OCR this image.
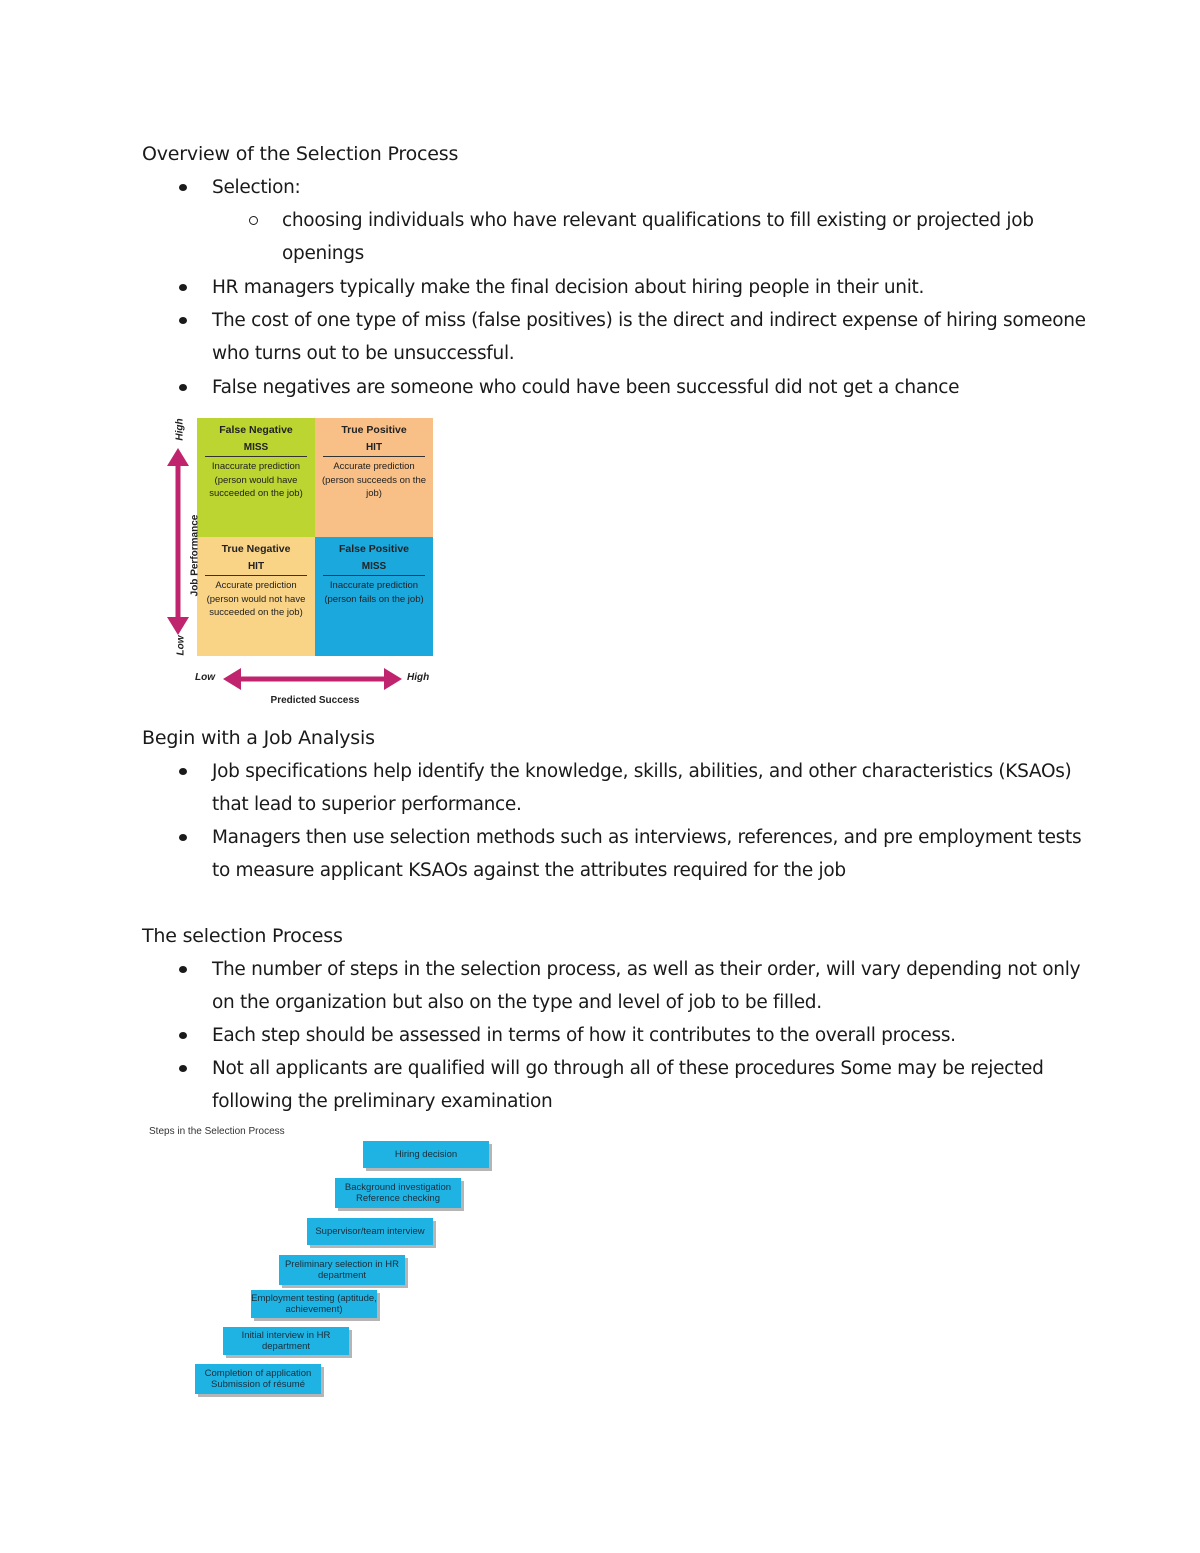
Overview of the Selection Process
Selection:
choosing individuals who have relevant qualifications to fill existing or projected job openings
HR managers typically make the final decision about hiring people in their unit.
The cost of one type of miss (false positives) is the direct and indirect expense of hiring someone who turns out to be unsuccessful.
False negatives are someone who could have been successful did not get a chance
False Negative
MISS
Inaccurate prediction (person would have succeeded on the job)
True Positive
HIT
Accurate prediction (person succeeds on the job)
True Negative
HIT
Accurate prediction (person would not have succeeded on the job)
False Positive
MISS
Inaccurate prediction (person fails on the job)
Job Performance
High
Low
Low	High
Predicted Success
Begin with a Job Analysis
Job specifications help identify the knowledge, skills, abilities, and other characteristics (KSAOs) that lead to superior performance.
Managers then use selection methods such as interviews, references, and pre employment tests to measure applicant KSAOs against the attributes required for the job
The selection Process
The number of steps in the selection process, as well as their order, will vary depending not only on the organization but also on the type and level of job to be filled.
Each step should be assessed in terms of how it contributes to the overall process.
Not all applicants are qualified will go through all of these procedures Some may be rejected following the preliminary examination
Steps in the Selection Process
Hiring decision
Background investigation Reference checking
Supervisor/team interview
Preliminary selection in HR department
Employment testing (aptitude, achievement)
Initial interview in HR department
Completion of application Submission of résumé
